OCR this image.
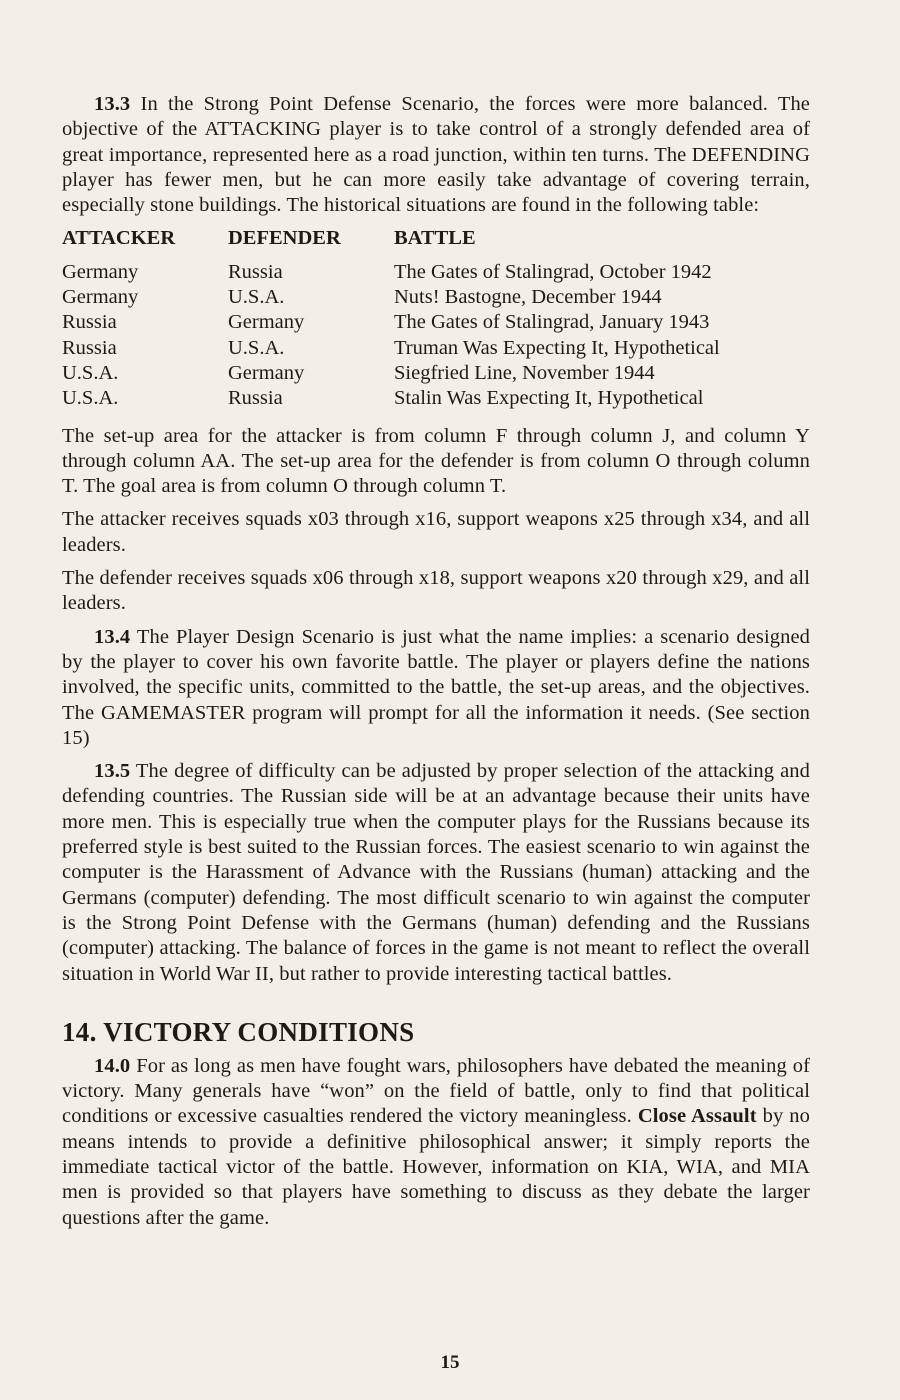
13.3 In the Strong Point Defense Scenario, the forces were more balanced. The objective of the ATTACKING player is to take control of a strongly defended area of great importance, represented here as a road junction, within ten turns. The DEFENDING player has fewer men, but he can more easily take advantage of covering terrain, especially stone buildings. The historical situations are found in the following table:

ATTACKER	DEFENDER	BATTLE
Germany	Russia	The Gates of Stalingrad, October 1942
Germany	U.S.A.	Nuts! Bastogne, December 1944
Russia	Germany	The Gates of Stalingrad, January 1943
Russia	U.S.A.	Truman Was Expecting It, Hypothetical
U.S.A.	Germany	Siegfried Line, November 1944
U.S.A.	Russia	Stalin Was Expecting It, Hypothetical

The set-up area for the attacker is from column F through column J, and column Y through column AA. The set-up area for the defender is from column O through column T. The goal area is from column O through column T.

The attacker receives squads x03 through x16, support weapons x25 through x34, and all leaders.

The defender receives squads x06 through x18, support weapons x20 through x29, and all leaders.

13.4 The Player Design Scenario is just what the name implies: a scenario designed by the player to cover his own favorite battle. The player or players define the nations involved, the specific units, committed to the battle, the set-up areas, and the objectives. The GAMEMASTER program will prompt for all the information it needs. (See section 15)

13.5 The degree of difficulty can be adjusted by proper selection of the attacking and defending countries. The Russian side will be at an advantage because their units have more men. This is especially true when the computer plays for the Russians because its preferred style is best suited to the Russian forces. The easiest scenario to win against the computer is the Harassment of Advance with the Russians (human) attacking and the Germans (computer) defending. The most difficult scenario to win against the computer is the Strong Point Defense with the Germans (human) defending and the Russians (computer) attacking. The balance of forces in the game is not meant to reflect the overall situation in World War II, but rather to provide interesting tactical battles.

14. VICTORY CONDITIONS

14.0 For as long as men have fought wars, philosophers have debated the meaning of victory. Many generals have “won” on the field of battle, only to find that political conditions or excessive casualties rendered the victory meaningless. Close Assault by no means intends to provide a definitive philosophical answer; it simply reports the immediate tactical victor of the battle. However, information on KIA, WIA, and MIA men is provided so that players have something to discuss as they debate the larger questions after the game.

15
